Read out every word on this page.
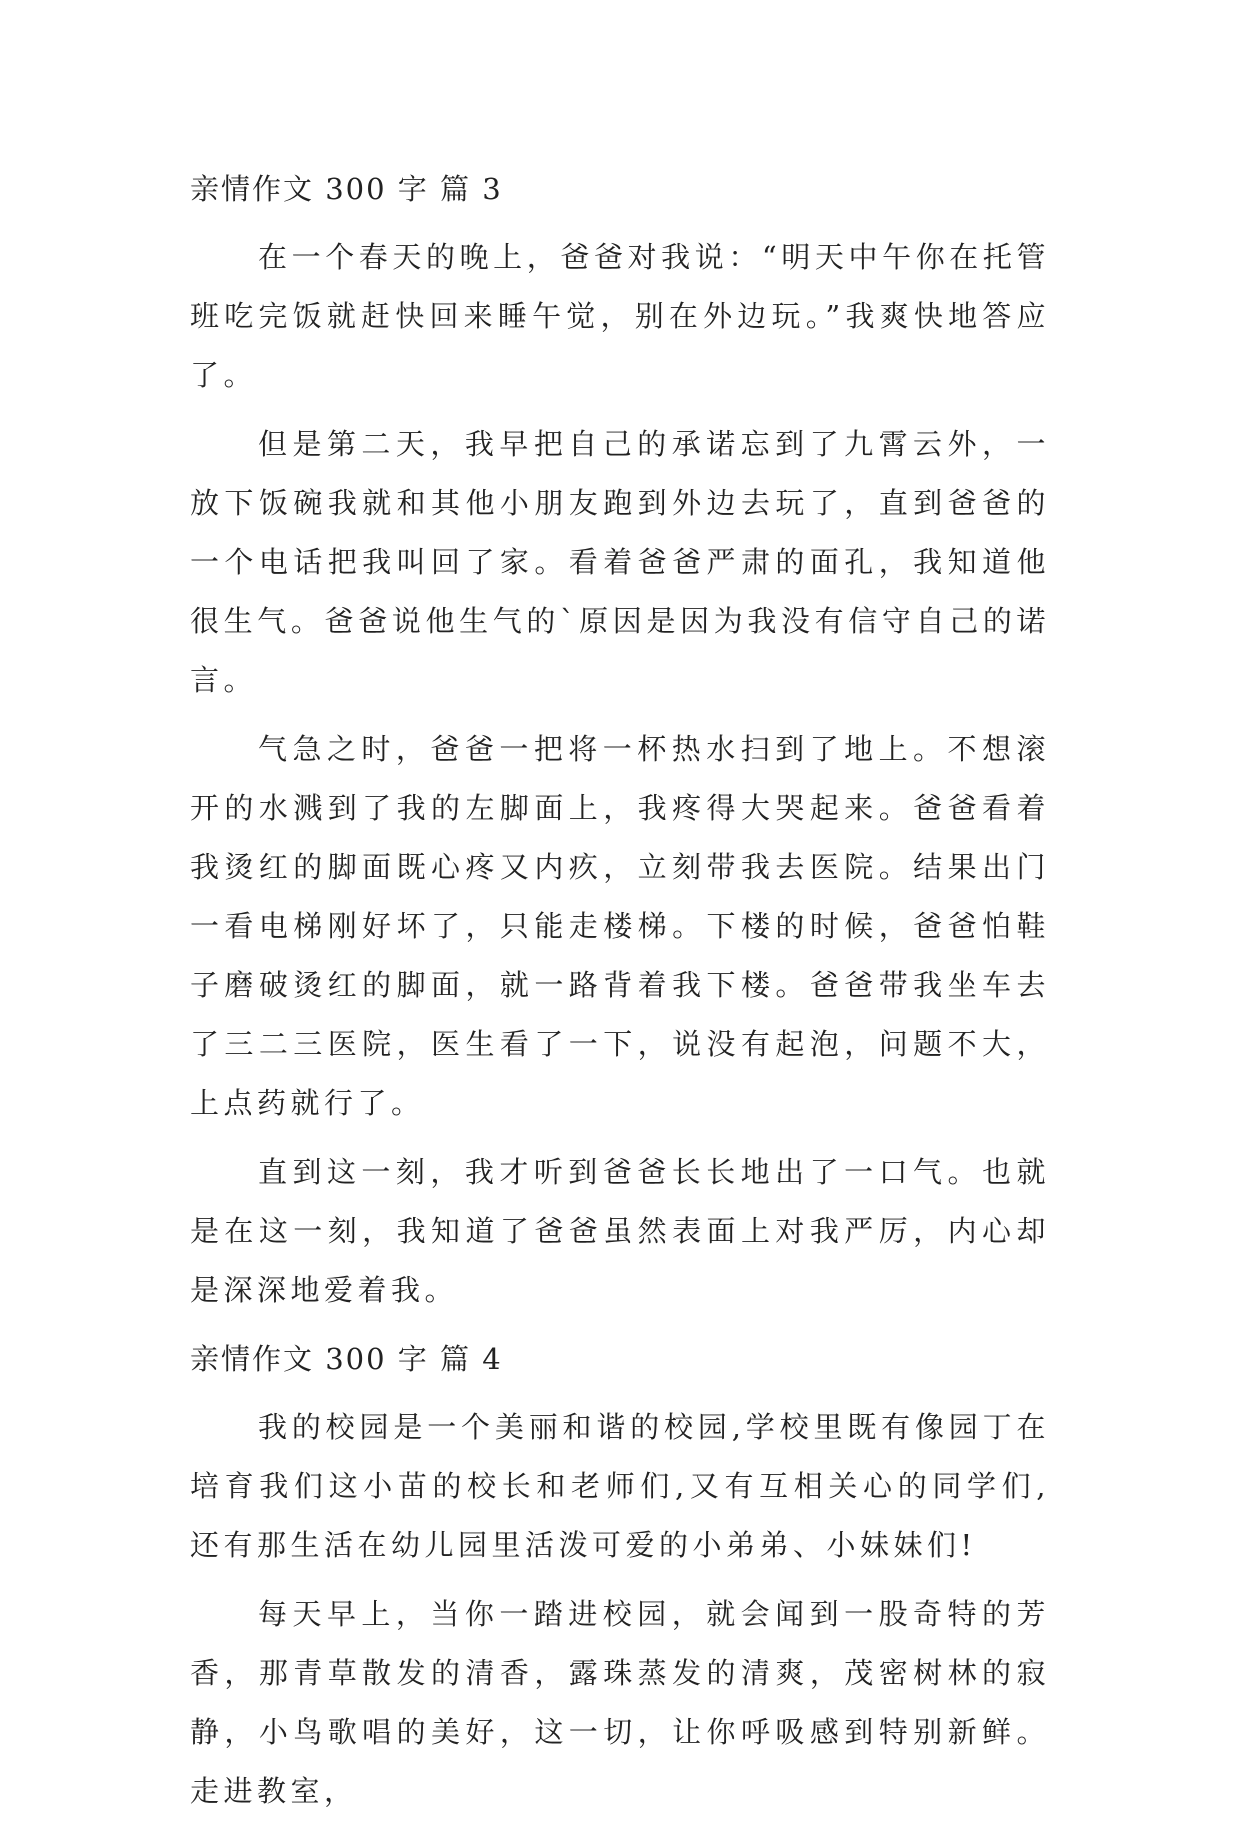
亲情作文 300 字 篇 3

在一个春天的晚上，爸爸对我说：“明天中午你在托管班吃完饭就赶快回来睡午觉，别在外边玩。”我爽快地答应了。

但是第二天，我早把自己的承诺忘到了九霄云外，一放下饭碗我就和其他小朋友跑到外边去玩了，直到爸爸的一个电话把我叫回了家。看着爸爸严肃的面孔，我知道他很生气。爸爸说他生气的`原因是因为我没有信守自己的诺言。

气急之时，爸爸一把将一杯热水扫到了地上。不想滚开的水溅到了我的左脚面上，我疼得大哭起来。爸爸看着我烫红的脚面既心疼又内疚，立刻带我去医院。结果出门一看电梯刚好坏了，只能走楼梯。下楼的时候，爸爸怕鞋子磨破烫红的脚面，就一路背着我下楼。爸爸带我坐车去了三二三医院，医生看了一下，说没有起泡，问题不大，上点药就行了。

直到这一刻，我才听到爸爸长长地出了一口气。也就是在这一刻，我知道了爸爸虽然表面上对我严厉，内心却是深深地爱着我。

亲情作文 300 字 篇 4

我的校园是一个美丽和谐的校园,学校里既有像园丁在培育我们这小苗的校长和老师们,又有互相关心的同学们,还有那生活在幼儿园里活泼可爱的小弟弟、小妹妹们!

每天早上，当你一踏进校园，就会闻到一股奇特的芳香，那青草散发的清香，露珠蒸发的清爽，茂密树林的寂静，小鸟歌唱的美好，这一切，让你呼吸感到特别新鲜。走进教室，
